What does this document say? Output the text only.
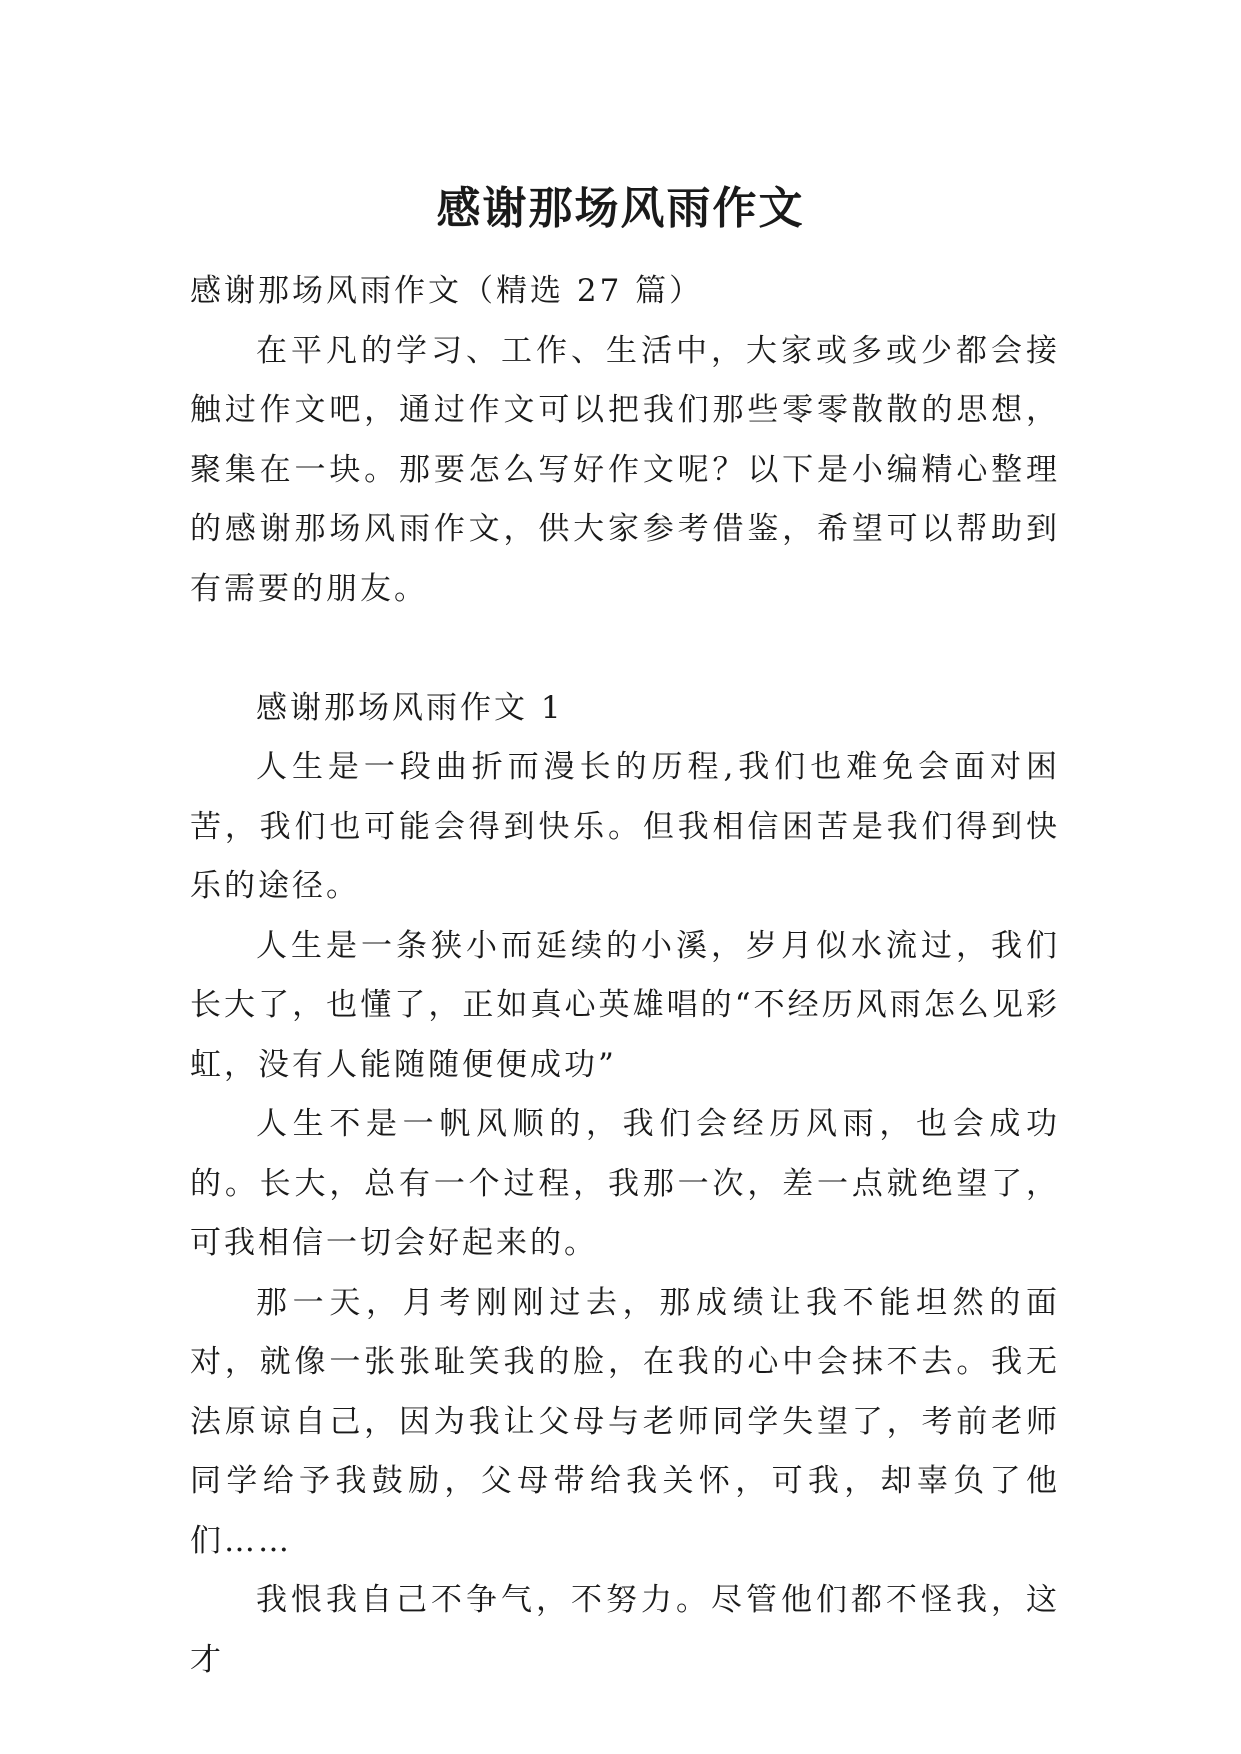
感谢那场风雨作文

感谢那场风雨作文（精选 27 篇）

在平凡的学习、工作、生活中，大家或多或少都会接触过作文吧，通过作文可以把我们那些零零散散的思想，聚集在一块。那要怎么写好作文呢？以下是小编精心整理的感谢那场风雨作文，供大家参考借鉴，希望可以帮助到有需要的朋友。

感谢那场风雨作文 1

人生是一段曲折而漫长的历程,我们也难免会面对困苦，我们也可能会得到快乐。但我相信困苦是我们得到快乐的途径。

人生是一条狭小而延续的小溪，岁月似水流过，我们长大了，也懂了，正如真心英雄唱的“不经历风雨怎么见彩虹，没有人能随随便便成功”

人生不是一帆风顺的，我们会经历风雨，也会成功的。长大，总有一个过程，我那一次，差一点就绝望了，可我相信一切会好起来的。

那一天，月考刚刚过去，那成绩让我不能坦然的面对，就像一张张耻笑我的脸，在我的心中会抹不去。我无法原谅自己，因为我让父母与老师同学失望了，考前老师同学给予我鼓励，父母带给我关怀，可我，却辜负了他们……

我恨我自己不争气，不努力。尽管他们都不怪我，这才
